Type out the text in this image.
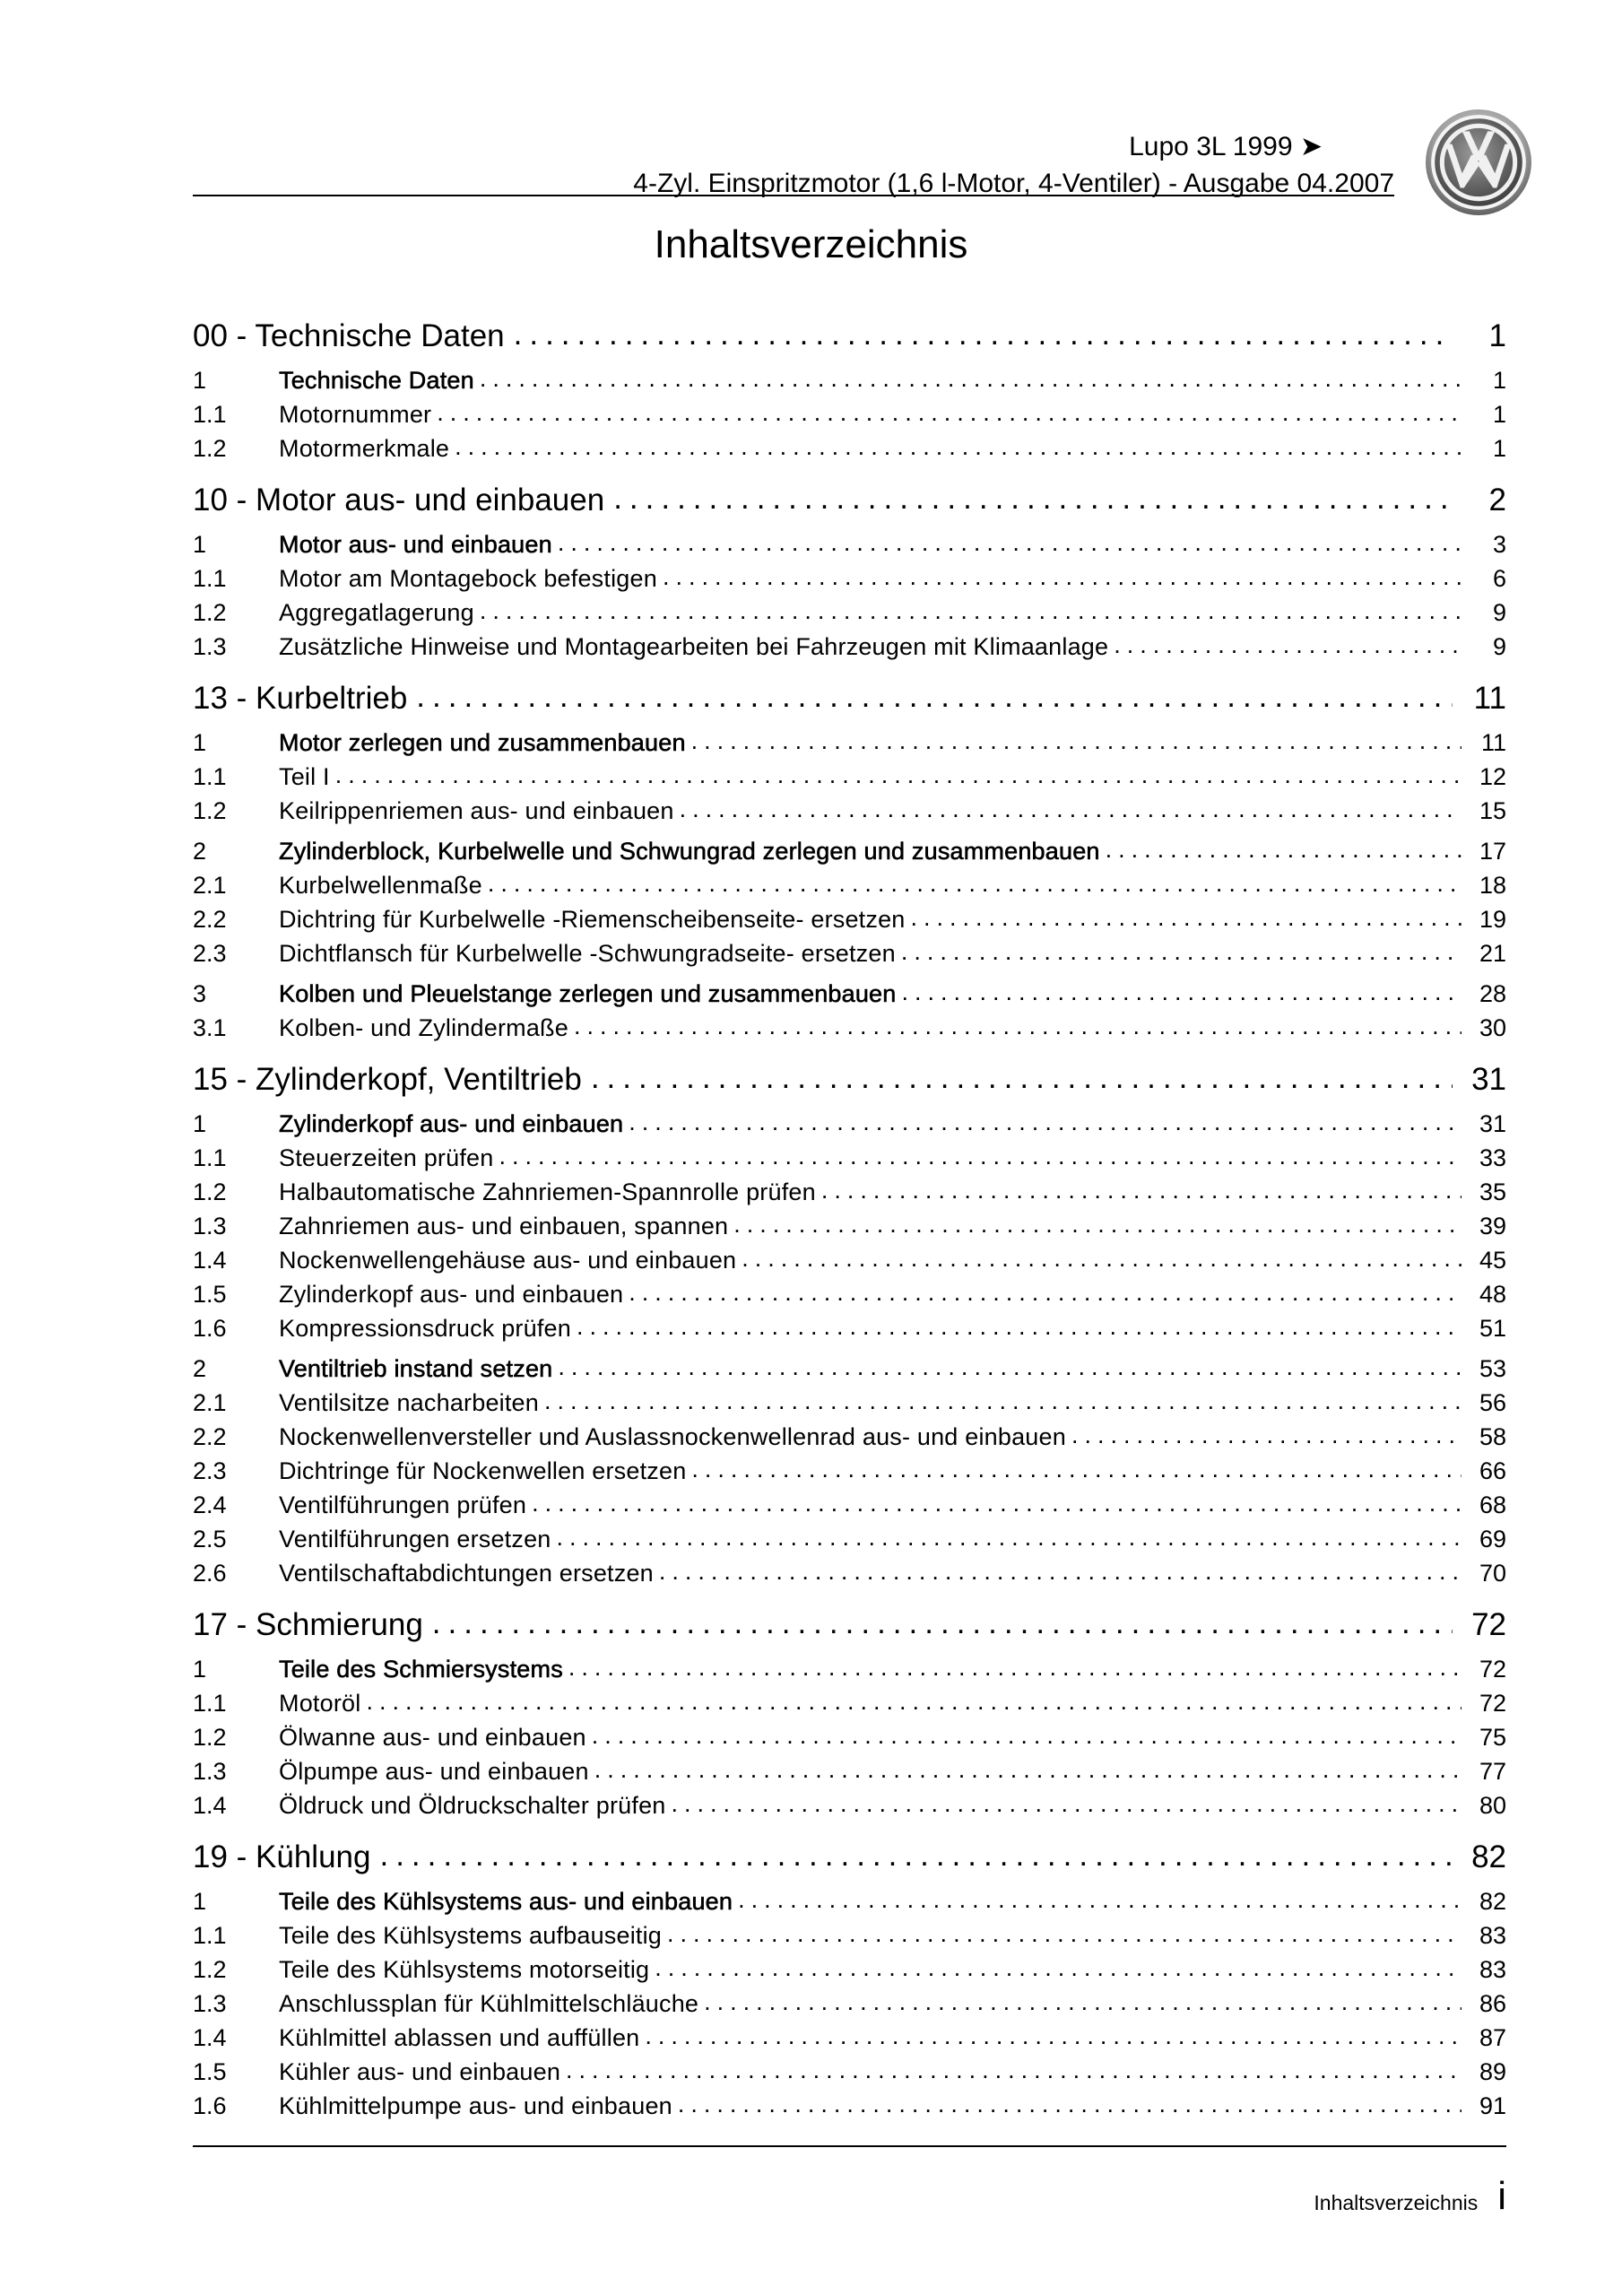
Lupo 3L 1999 ➤
4-Zyl. Einspritzmotor (1,6 l-Motor, 4-Ventiler) - Ausgabe 04.2007
Inhaltsverzeichnis
00 - Technische Daten .....	1
1	Technische Daten .....	1
1.1	Motornummer .....	1
1.2	Motormerkmale .....	1
10 - Motor aus- und einbauen .....	2
1	Motor aus- und einbauen .....	3
1.1	Motor am Montagebock befestigen .....	6
1.2	Aggregatlagerung .....	9
1.3	Zusätzliche Hinweise und Montagearbeiten bei Fahrzeugen mit Klimaanlage .....	9
13 - Kurbeltrieb .....	11
1	Motor zerlegen und zusammenbauen .....	11
1.1	Teil I .....	12
1.2	Keilrippenriemen aus- und einbauen .....	15
2	Zylinderblock, Kurbelwelle und Schwungrad zerlegen und zusammenbauen .....	17
2.1	Kurbelwellenmaße .....	18
2.2	Dichtring für Kurbelwelle -Riemenscheibenseite- ersetzen .....	19
2.3	Dichtflansch für Kurbelwelle -Schwungradseite- ersetzen .....	21
3	Kolben und Pleuelstange zerlegen und zusammenbauen .....	28
3.1	Kolben- und Zylindermaße .....	30
15 - Zylinderkopf, Ventiltrieb .....	31
1	Zylinderkopf aus- und einbauen .....	31
1.1	Steuerzeiten prüfen .....	33
1.2	Halbautomatische Zahnriemen-Spannrolle prüfen .....	35
1.3	Zahnriemen aus- und einbauen, spannen .....	39
1.4	Nockenwellengehäuse aus- und einbauen .....	45
1.5	Zylinderkopf aus- und einbauen .....	48
1.6	Kompressionsdruck prüfen .....	51
2	Ventiltrieb instand setzen .....	53
2.1	Ventilsitze nacharbeiten .....	56
2.2	Nockenwellenversteller und Auslassnockenwellenrad aus- und einbauen .....	58
2.3	Dichtringe für Nockenwellen ersetzen .....	66
2.4	Ventilführungen prüfen .....	68
2.5	Ventilführungen ersetzen .....	69
2.6	Ventilschaftabdichtungen ersetzen .....	70
17 - Schmierung .....	72
1	Teile des Schmiersystems .....	72
1.1	Motoröl .....	72
1.2	Ölwanne aus- und einbauen .....	75
1.3	Ölpumpe aus- und einbauen .....	77
1.4	Öldruck und Öldruckschalter prüfen .....	80
19 - Kühlung .....	82
1	Teile des Kühlsystems aus- und einbauen .....	82
1.1	Teile des Kühlsystems aufbauseitig .....	83
1.2	Teile des Kühlsystems motorseitig .....	83
1.3	Anschlussplan für Kühlmittelschläuche .....	86
1.4	Kühlmittel ablassen und auffüllen .....	87
1.5	Kühler aus- und einbauen .....	89
1.6	Kühlmittelpumpe aus- und einbauen .....	91
Inhaltsverzeichnis i
